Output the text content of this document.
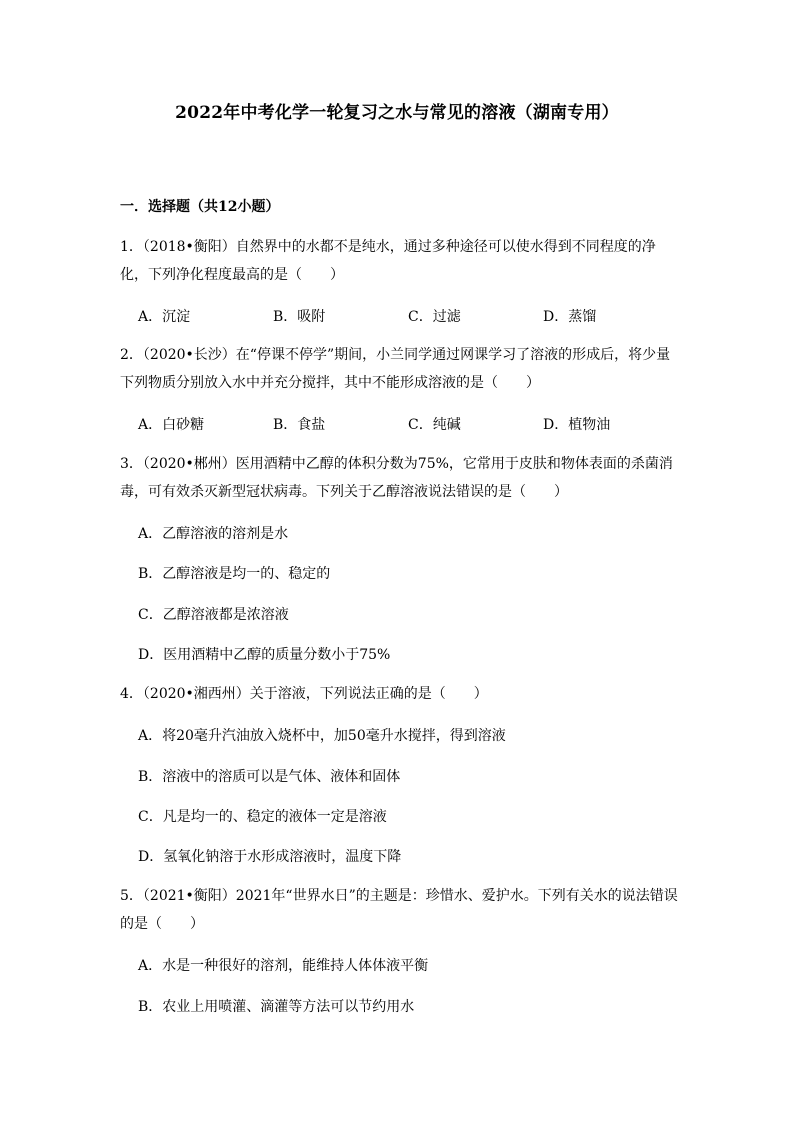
2022年中考化学一轮复习之水与常见的溶液（湖南专用）
一．选择题（共12小题）
1．（2018•衡阳）自然界中的水都不是纯水，通过多种途径可以使水得到不同程度的净化，下列净化程度最高的是（　　）
A．沉淀	B．吸附	C．过滤	D．蒸馏
2．（2020•长沙）在“停课不停学”期间，小兰同学通过网课学习了溶液的形成后，将少量下列物质分别放入水中并充分搅拌，其中不能形成溶液的是（　　）
A．白砂糖	B．食盐	C．纯碱	D．植物油
3．（2020•郴州）医用酒精中乙醇的体积分数为75%，它常用于皮肤和物体表面的杀菌消毒，可有效杀灭新型冠状病毒。下列关于乙醇溶液说法错误的是（　　）
A．乙醇溶液的溶剂是水
B．乙醇溶液是均一的、稳定的
C．乙醇溶液都是浓溶液
D．医用酒精中乙醇的质量分数小于75%
4．（2020•湘西州）关于溶液，下列说法正确的是（　　）
A．将20毫升汽油放入烧杯中，加50毫升水搅拌，得到溶液
B．溶液中的溶质可以是气体、液体和固体
C．凡是均一的、稳定的液体一定是溶液
D．氢氧化钠溶于水形成溶液时，温度下降
5．（2021•衡阳）2021年“世界水日”的主题是：珍惜水、爱护水。下列有关水的说法错误的是（　　）
A．水是一种很好的溶剂，能维持人体体液平衡
B．农业上用喷灌、滴灌等方法可以节约用水
